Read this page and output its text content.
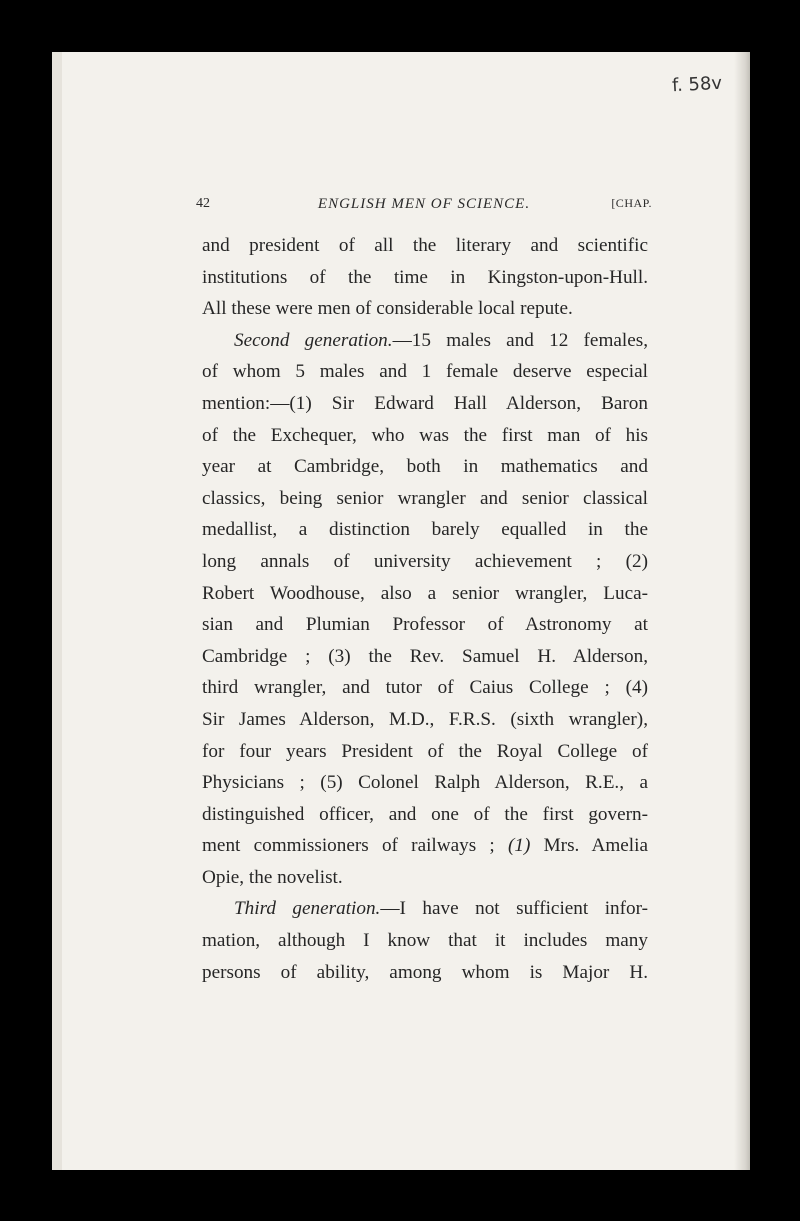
f. 58v
42	ENGLISH MEN OF SCIENCE.	[CHAP.

and president of all the literary and scientific

institutions of the time in Kingston-upon-Hull.

All these were men of considerable local repute.

Second generation.—15 males and 12 females,

of whom 5 males and 1 female deserve especial

mention:—(1) Sir Edward Hall Alderson, Baron

of the Exchequer, who was the first man of his

year at Cambridge, both in mathematics and

classics, being senior wrangler and senior classical

medallist, a distinction barely equalled in the

long annals of university achievement ; (2)

Robert Woodhouse, also a senior wrangler, Luca-

sian and Plumian Professor of Astronomy at

Cambridge ; (3) the Rev. Samuel H. Alderson,

third wrangler, and tutor of Caius College ; (4)

Sir James Alderson, M.D., F.R.S. (sixth wrangler),

for four years President of the Royal College of

Physicians ; (5) Colonel Ralph Alderson, R.E., a

distinguished officer, and one of the first govern-

ment commissioners of railways ; (1) Mrs. Amelia

Opie, the novelist.

Third generation.—I have not sufficient infor-

mation, although I know that it includes many

persons of ability, among whom is Major H.
